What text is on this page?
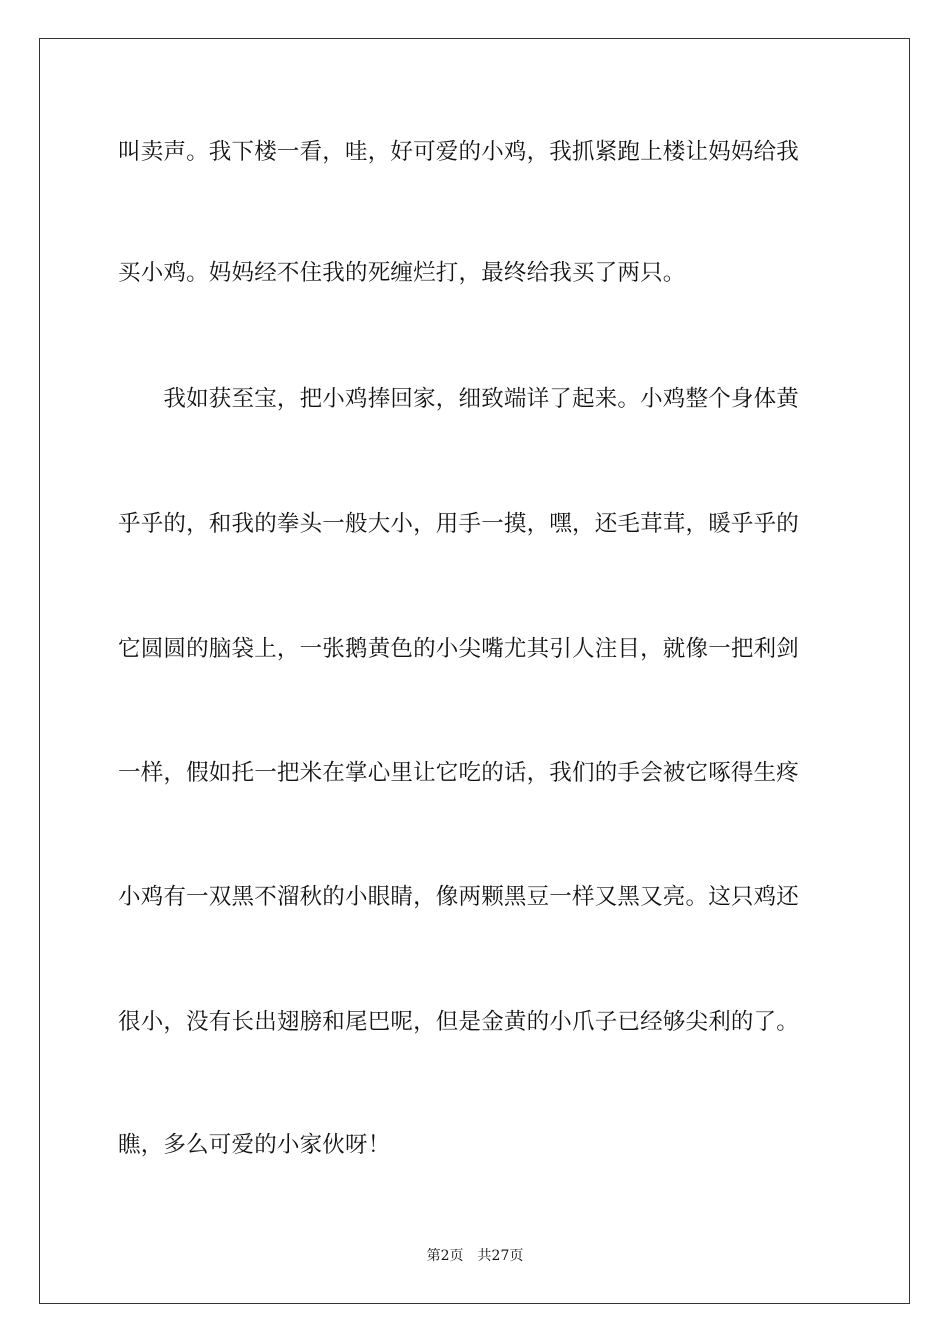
叫卖声。我下楼一看，哇，好可爱的小鸡，我抓紧跑上楼让妈妈给我
买小鸡。妈妈经不住我的死缠烂打，最终给我买了两只。
　　我如获至宝，把小鸡捧回家，细致端详了起来。小鸡整个身体黄
乎乎的，和我的拳头一般大小，用手一摸，嘿，还毛茸茸，暖乎乎的
它圆圆的脑袋上，一张鹅黄色的小尖嘴尤其引人注目，就像一把利剑
一样，假如托一把米在掌心里让它吃的话，我们的手会被它啄得生疼
小鸡有一双黑不溜秋的小眼睛，像两颗黑豆一样又黑又亮。这只鸡还
很小，没有长出翅膀和尾巴呢，但是金黄的小爪子已经够尖利的了。
瞧，多么可爱的小家伙呀！
第2页 共27页
